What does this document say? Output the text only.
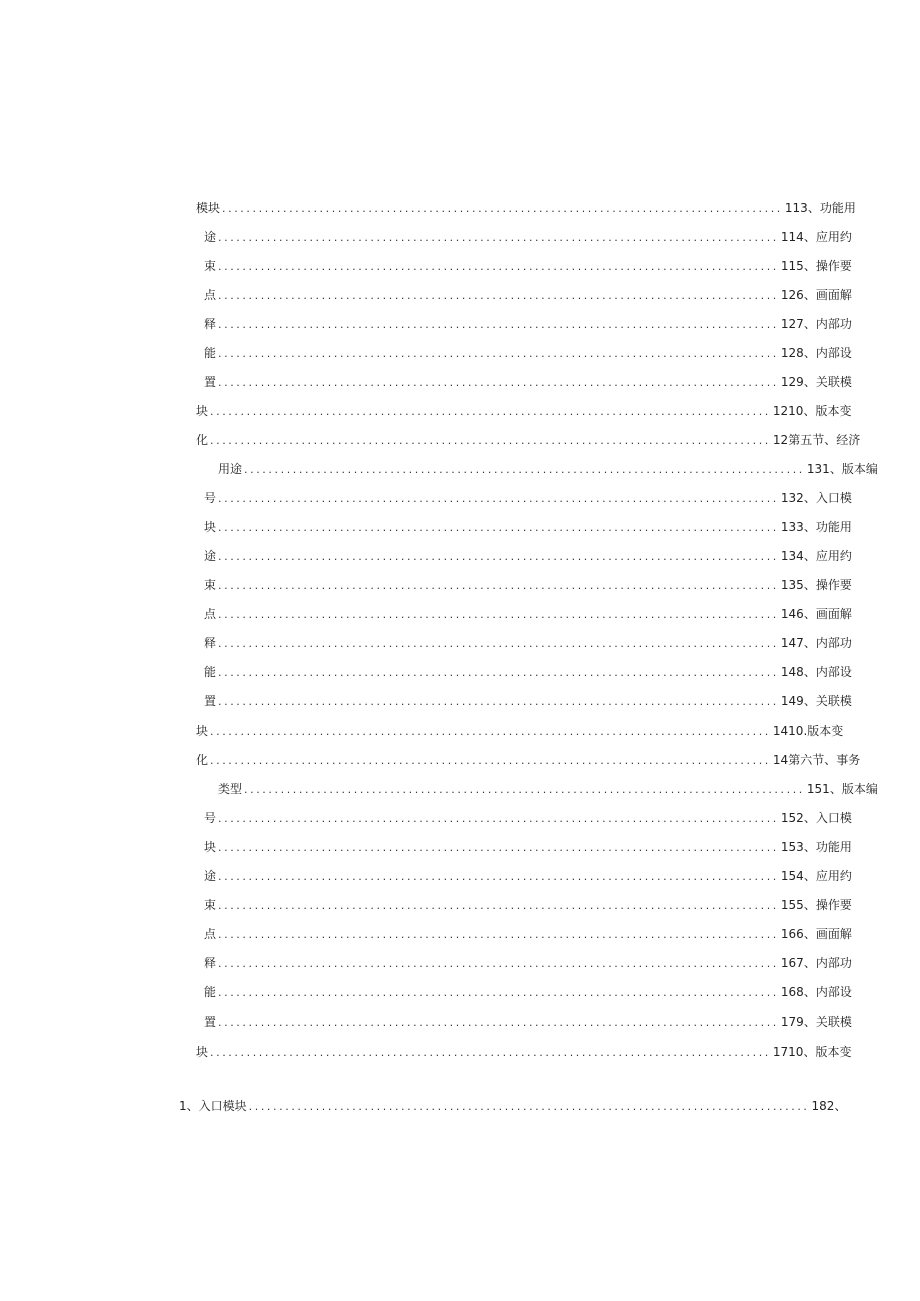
模块 ............................................................................................ 113 、功能用
途 ............................................................................................ 114 、应用约
束 ............................................................................................ 115 、操作要
点 ............................................................................................ 126 、画面解
释 ............................................................................................ 127 、内部功
能 ............................................................................................ 128 、内部设
置 ............................................................................................ 129 、关联模
块 ............................................................................................ 1210 、版本变
化 ............................................................................................ 12 第五节、经济
用途 ............................................................................................ 131 、版本编
号 ............................................................................................ 132 、入口模
块 ............................................................................................ 133 、功能用
途 ............................................................................................ 134 、应用约
束 ............................................................................................ 135 、操作要
点 ............................................................................................ 146 、画面解
释 ............................................................................................ 147 、内部功
能 ............................................................................................ 148 、内部设
置 ............................................................................................ 149 、关联模
块 ............................................................................................ 1410. 版本变
化 ............................................................................................ 14 第六节、事务
类型 ............................................................................................ 151 、版本编
号 ............................................................................................ 152 、入口模
块 ............................................................................................ 153 、功能用
途 ............................................................................................ 154 、应用约
束 ............................................................................................ 155 、操作要
点 ............................................................................................ 166 、画面解
释 ............................................................................................ 167 、内部功
能 ............................................................................................ 168 、内部设
置 ............................................................................................ 179 、关联模
块 ............................................................................................ 1710 、版本变
1、入口模块 ............................................................................................ 182 、
